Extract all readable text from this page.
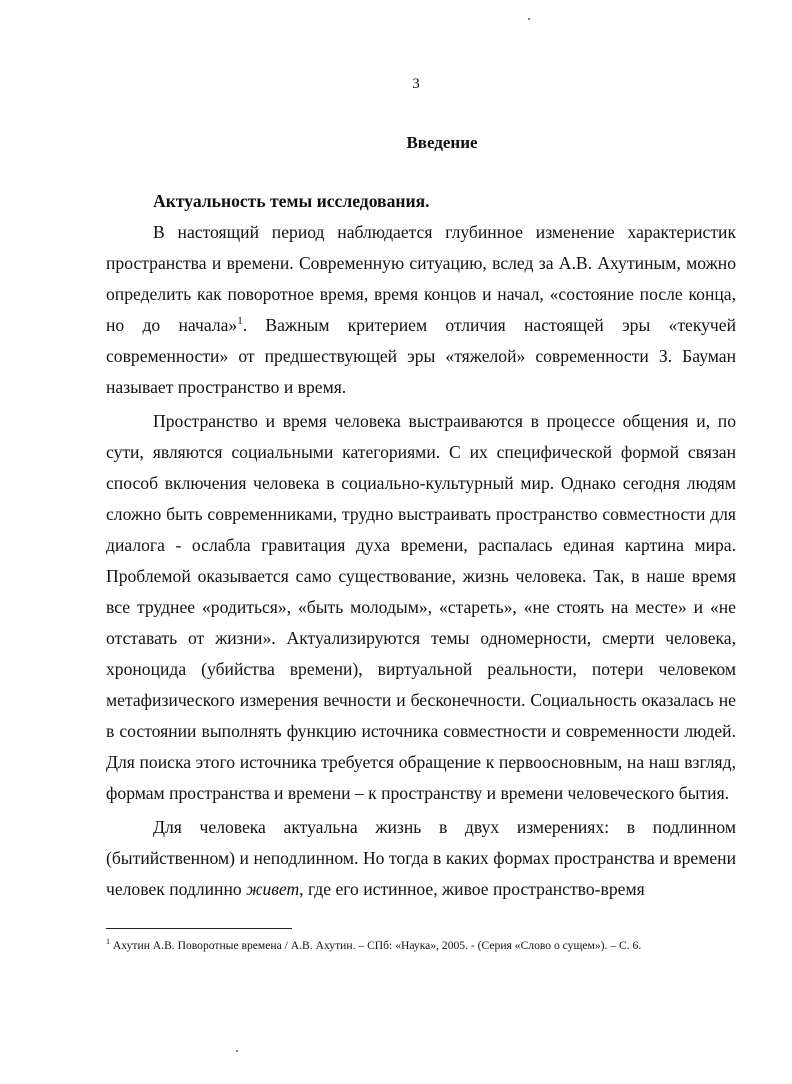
3
Введение

Актуальность темы исследования.

В настоящий период наблюдается глубинное изменение характеристик пространства и времени. Современную ситуацию, вслед за А.В. Ахутиным, можно определить как поворотное время, время концов и начал, «состояние после конца, но до начала»$^1$. Важным критерием отличия настоящей эры «текучей современности» от предшествующей эры «тяжелой» современности З. Бауман называет пространство и время.

Пространство и время человека выстраиваются в процессе общения и, по сути, являются социальными категориями. С их специфической формой связан способ включения человека в социально-культурный мир. Однако сегодня людям сложно быть современниками, трудно выстраивать пространство совместности для диалога - ослабла гравитация духа времени, распалась единая картина мира. Проблемой оказывается само существование, жизнь человека. Так, в наше время все труднее «родиться», «быть молодым», «стареть», «не стоять на месте» и «не отставать от жизни». Актуализируются темы одномерности, смерти человека, хроноцида (убийства времени), виртуальной реальности, потери человеком метафизического измерения вечности и бесконечности. Социальность оказалась не в состоянии выполнять функцию источника совместности и современности людей. Для поиска этого источника требуется обращение к первоосновным, на наш взгляд, формам пространства и времени – к пространству и времени человеческого бытия.

Для человека актуальна жизнь в двух измерениях: в подлинном (бытийственном) и неподлинном. Но тогда в каких формах пространства и времени человек подлинно живет, где его истинное, живое пространство-время

$^1$ Ахутин А.В. Поворотные времена / А.В. Ахутин. – СПб: «Наука», 2005. - (Серия «Слово о сущем»). – С. 6.
